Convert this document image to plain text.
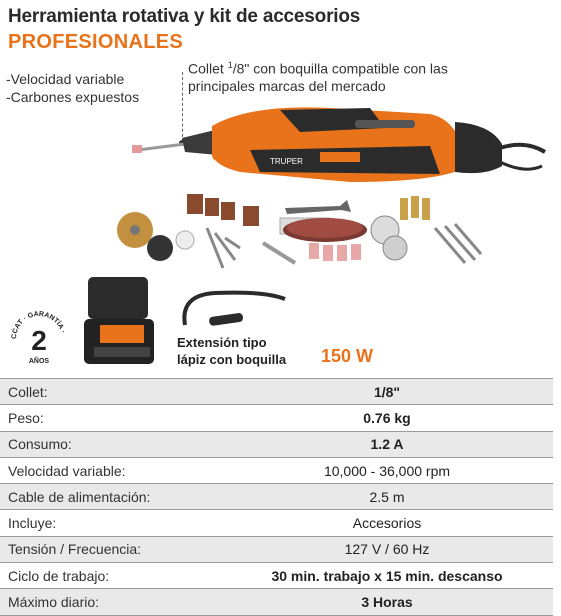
Herramienta rotativa y kit de accesorios
PROFESIONALES
-Velocidad variable
-Carbones expuestos
Collet $^1$/8" con boquilla compatible con las principales marcas del mercado
TRUPER
CCAT · GARANTÍA ·
2
AÑOS
Extensión tipo
lápiz con boquilla 150 W
Collet:	1/8"
Peso:	0.76 kg
Consumo:	1.2 A
Velocidad variable:	10,000 - 36,000 rpm
Cable de alimentación:	2.5 m
Incluye:	Accesorios
Tensión / Frecuencia:	127 V / 60 Hz
Ciclo de trabajo:	30 min. trabajo x 15 min. descanso
Máximo diario:	3 Horas
